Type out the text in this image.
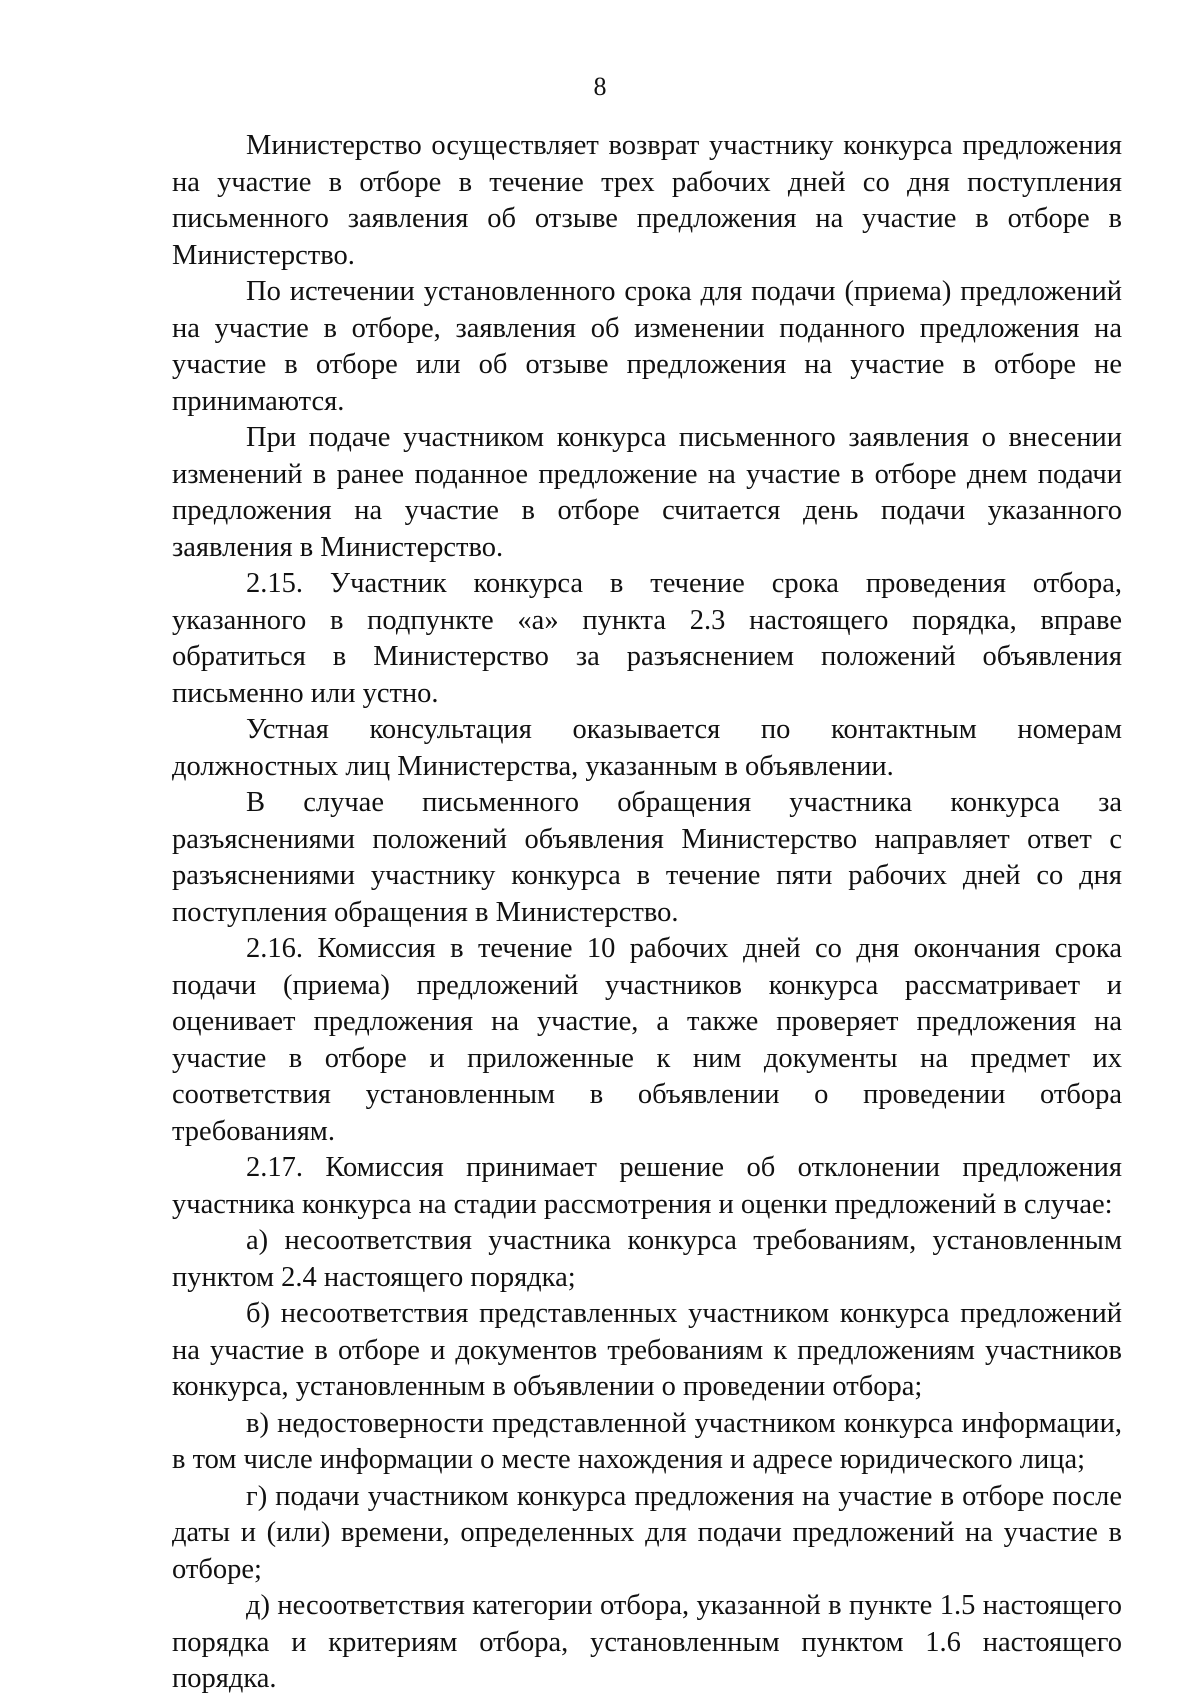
8

Министерство осуществляет возврат участнику конкурса предложения на участие в отборе в течение трех рабочих дней со дня поступления письменного заявления об отзыве предложения на участие в отборе в Министерство.

По истечении установленного срока для подачи (приема) предложений на участие в отборе, заявления об изменении поданного предложения на участие в отборе или об отзыве предложения на участие в отборе не принимаются.

При подаче участником конкурса письменного заявления о внесении изменений в ранее поданное предложение на участие в отборе днем подачи предложения на участие в отборе считается день подачи указанного заявления в Министерство.

2.15. Участник конкурса в течение срока проведения отбора, указанного в подпункте «а» пункта 2.3 настоящего порядка, вправе обратиться в Министерство за разъяснением положений объявления письменно или устно.

Устная консультация оказывается по контактным номерам должностных лиц Министерства, указанным в объявлении.

В случае письменного обращения участника конкурса за разъяснениями положений объявления Министерство направляет ответ с разъяснениями участнику конкурса в течение пяти рабочих дней со дня поступления обращения в Министерство.

2.16. Комиссия в течение 10 рабочих дней со дня окончания срока подачи (приема) предложений участников конкурса рассматривает и оценивает предложения на участие, а также проверяет предложения на участие в отборе и приложенные к ним документы на предмет их соответствия установленным в объявлении о проведении отбора требованиям.

2.17. Комиссия принимает решение об отклонении предложения участника конкурса на стадии рассмотрения и оценки предложений в случае:

а) несоответствия участника конкурса требованиям, установленным пунктом 2.4 настоящего порядка;

б) несоответствия представленных участником конкурса предложений на участие в отборе и документов требованиям к предложениям участников конкурса, установленным в объявлении о проведении отбора;

в) недостоверности представленной участником конкурса информации, в том числе информации о месте нахождения и адресе юридического лица;

г) подачи участником конкурса предложения на участие в отборе после даты и (или) времени, определенных для подачи предложений на участие в отборе;

д) несоответствия категории отбора, указанной в пункте 1.5 настоящего порядка и критериям отбора, установленным пунктом 1.6 настоящего порядка.
